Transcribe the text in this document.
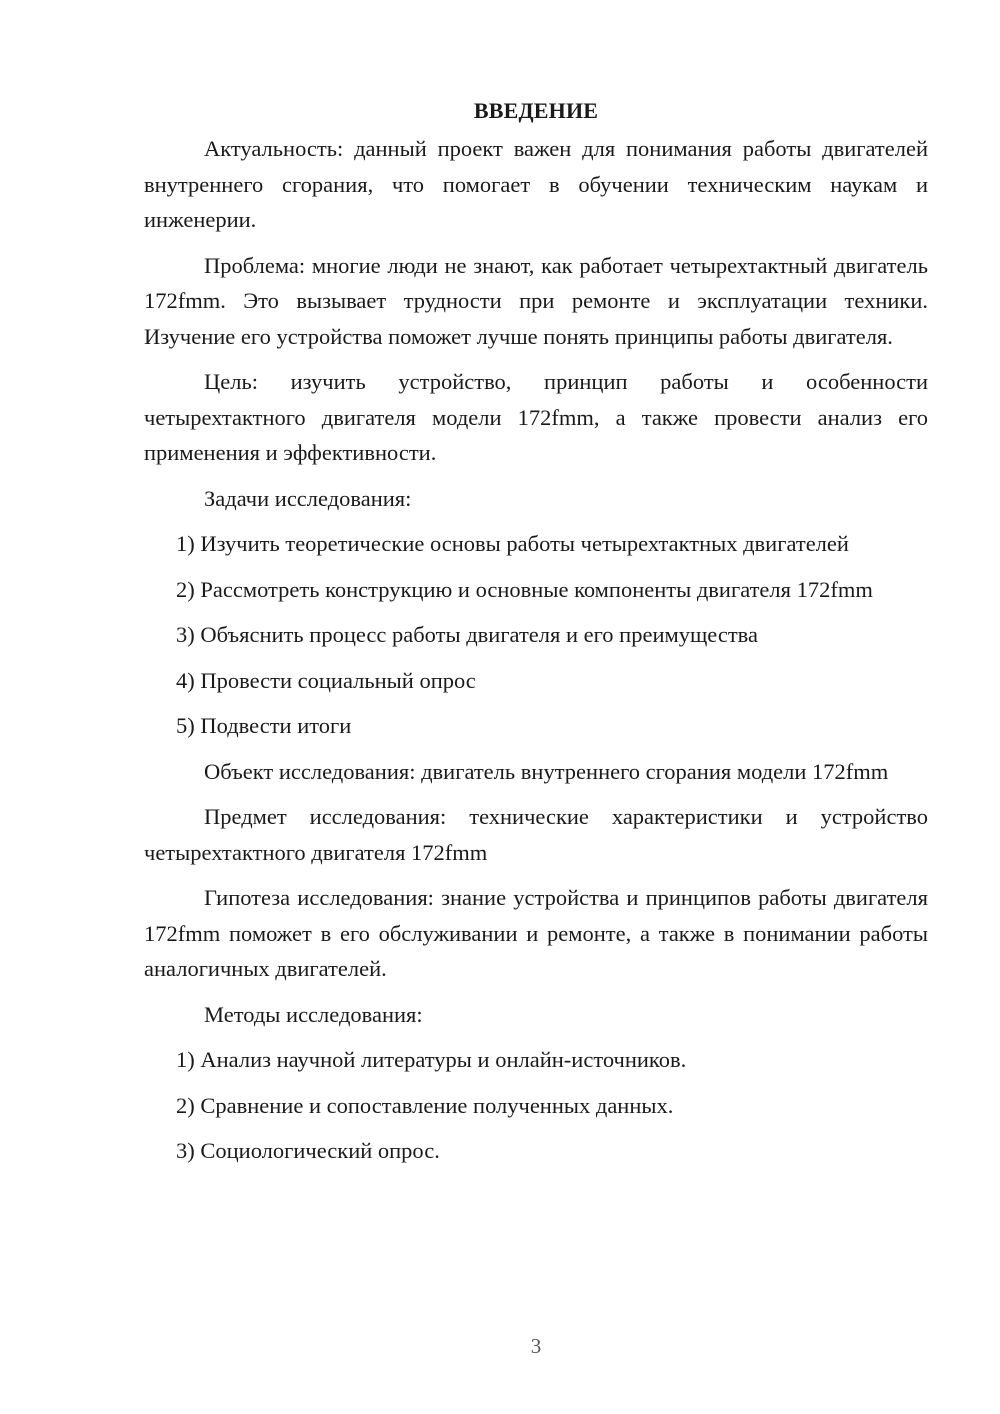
ВВЕДЕНИЕ

Актуальность: данный проект важен для понимания работы двигателей внутреннего сгорания, что помогает в обучении техническим наукам и инженерии.

Проблема: многие люди не знают, как работает четырехтактный двигатель 172fmm. Это вызывает трудности при ремонте и эксплуатации техники. Изучение его устройства поможет лучше понять принципы работы двигателя.

Цель: изучить устройство, принцип работы и особенности четырехтактного двигателя модели 172fmm, а также провести анализ его применения и эффективности.

Задачи исследования:

1) Изучить теоретические основы работы четырехтактных двигателей

2) Рассмотреть конструкцию и основные компоненты двигателя 172fmm

3) Объяснить процесс работы двигателя и его преимущества

4) Провести социальный опрос

5) Подвести итоги

Объект исследования: двигатель внутреннего сгорания модели 172fmm

Предмет исследования: технические характеристики и устройство четырехтактного двигателя 172fmm

Гипотеза исследования: знание устройства и принципов работы двигателя 172fmm поможет в его обслуживании и ремонте, а также в понимании работы аналогичных двигателей.

Методы исследования:

1) Анализ научной литературы и онлайн-источников.

2) Сравнение и сопоставление полученных данных.

3) Социологический опрос.

3
